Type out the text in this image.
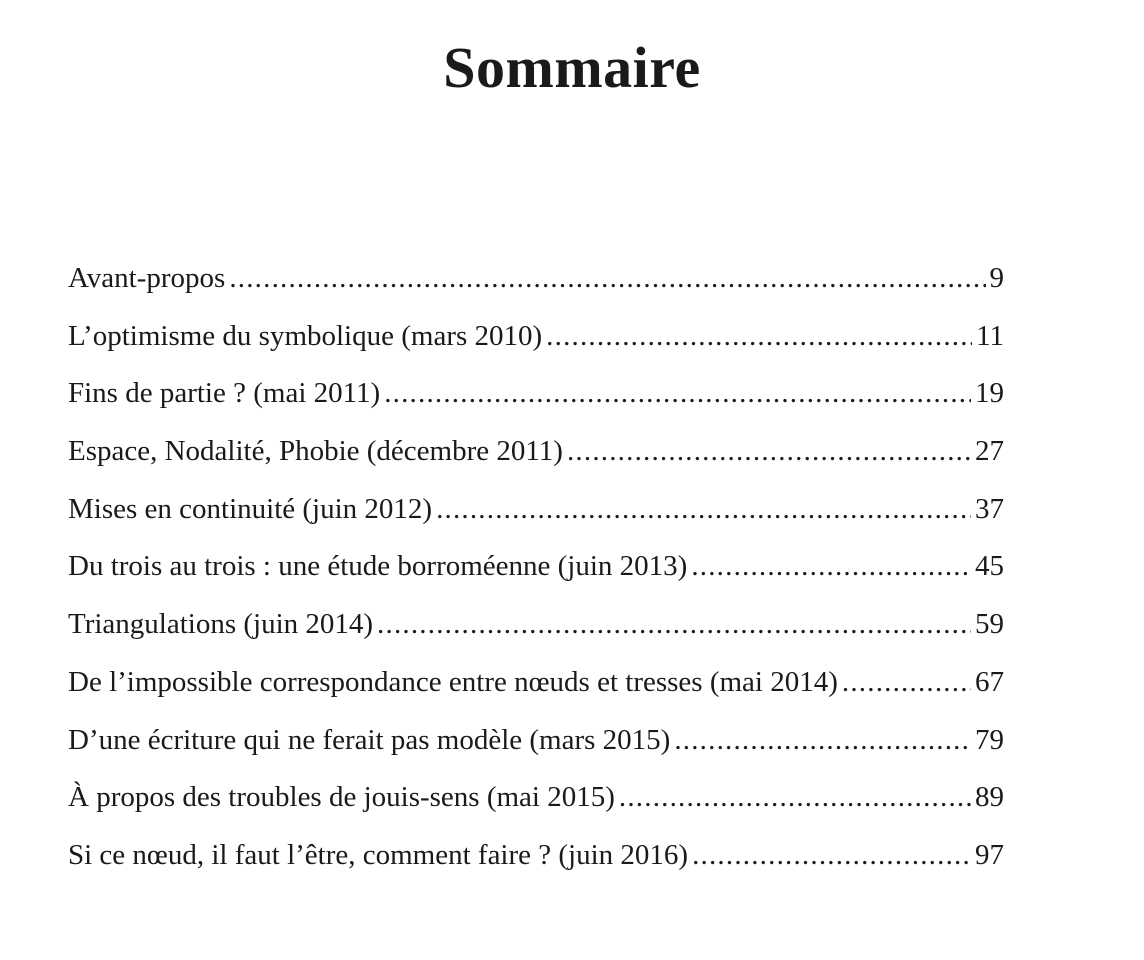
Sommaire
Avant-propos .....	9
L’optimisme du symbolique (mars 2010) .....	11
Fins de partie ? (mai 2011) .....	19
Espace, Nodalité, Phobie (décembre 2011) .....	27
Mises en continuité (juin 2012) .....	37
Du trois au trois : une étude borroméenne (juin 2013) .....	45
Triangulations (juin 2014) .....	59
De l’impossible correspondance entre nœuds et tresses (mai 2014) .....	67
D’une écriture qui ne ferait pas modèle (mars 2015) .....	79
À propos des troubles de jouis-sens (mai 2015) .....	89
Si ce nœud, il faut l’être, comment faire ? (juin 2016) .....	97
